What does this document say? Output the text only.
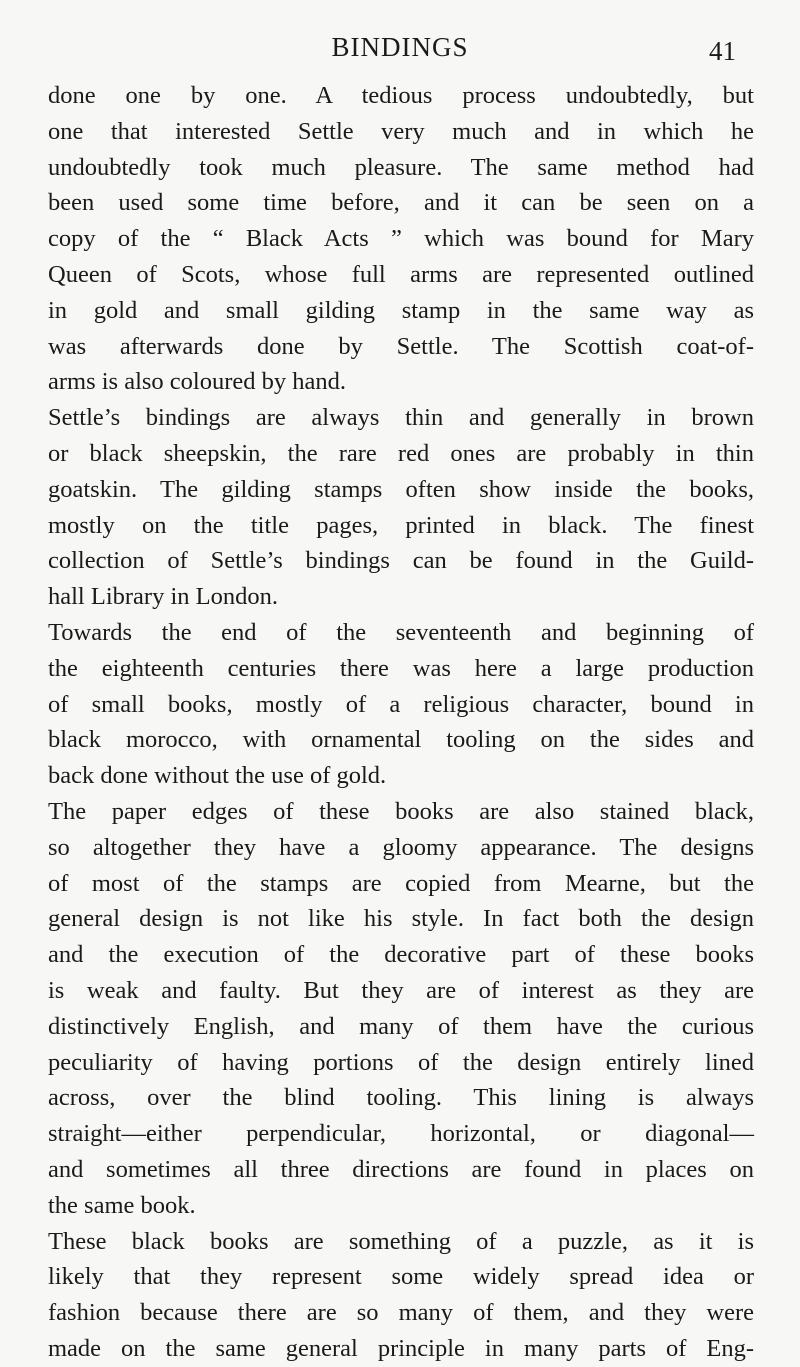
BINDINGS	41
done one by one. A tedious process undoubtedly, but
one that interested Settle very much and in which he
undoubtedly took much pleasure. The same method had
been used some time before, and it can be seen on a
copy of the “ Black Acts ” which was bound for Mary
Queen of Scots, whose full arms are represented outlined
in gold and small gilding stamp in the same way as
was afterwards done by Settle. The Scottish coat-of-
arms is also coloured by hand.
Settle’s bindings are always thin and generally in brown
or black sheepskin, the rare red ones are probably in thin
goatskin. The gilding stamps often show inside the books,
mostly on the title pages, printed in black. The finest
collection of Settle’s bindings can be found in the Guild-
hall Library in London.
Towards the end of the seventeenth and beginning of
the eighteenth centuries there was here a large production
of small books, mostly of a religious character, bound in
black morocco, with ornamental tooling on the sides and
back done without the use of gold.
The paper edges of these books are also stained black,
so altogether they have a gloomy appearance. The designs
of most of the stamps are copied from Mearne, but the
general design is not like his style. In fact both the design
and the execution of the decorative part of these books
is weak and faulty. But they are of interest as they are
distinctively English, and many of them have the curious
peculiarity of having portions of the design entirely lined
across, over the blind tooling. This lining is always
straight—either perpendicular, horizontal, or diagonal—
and sometimes all three directions are found in places on
the same book.
These black books are something of a puzzle, as it is
likely that they represent some widely spread idea or
fashion because there are so many of them, and they were
made on the same general principle in many parts of Eng-
